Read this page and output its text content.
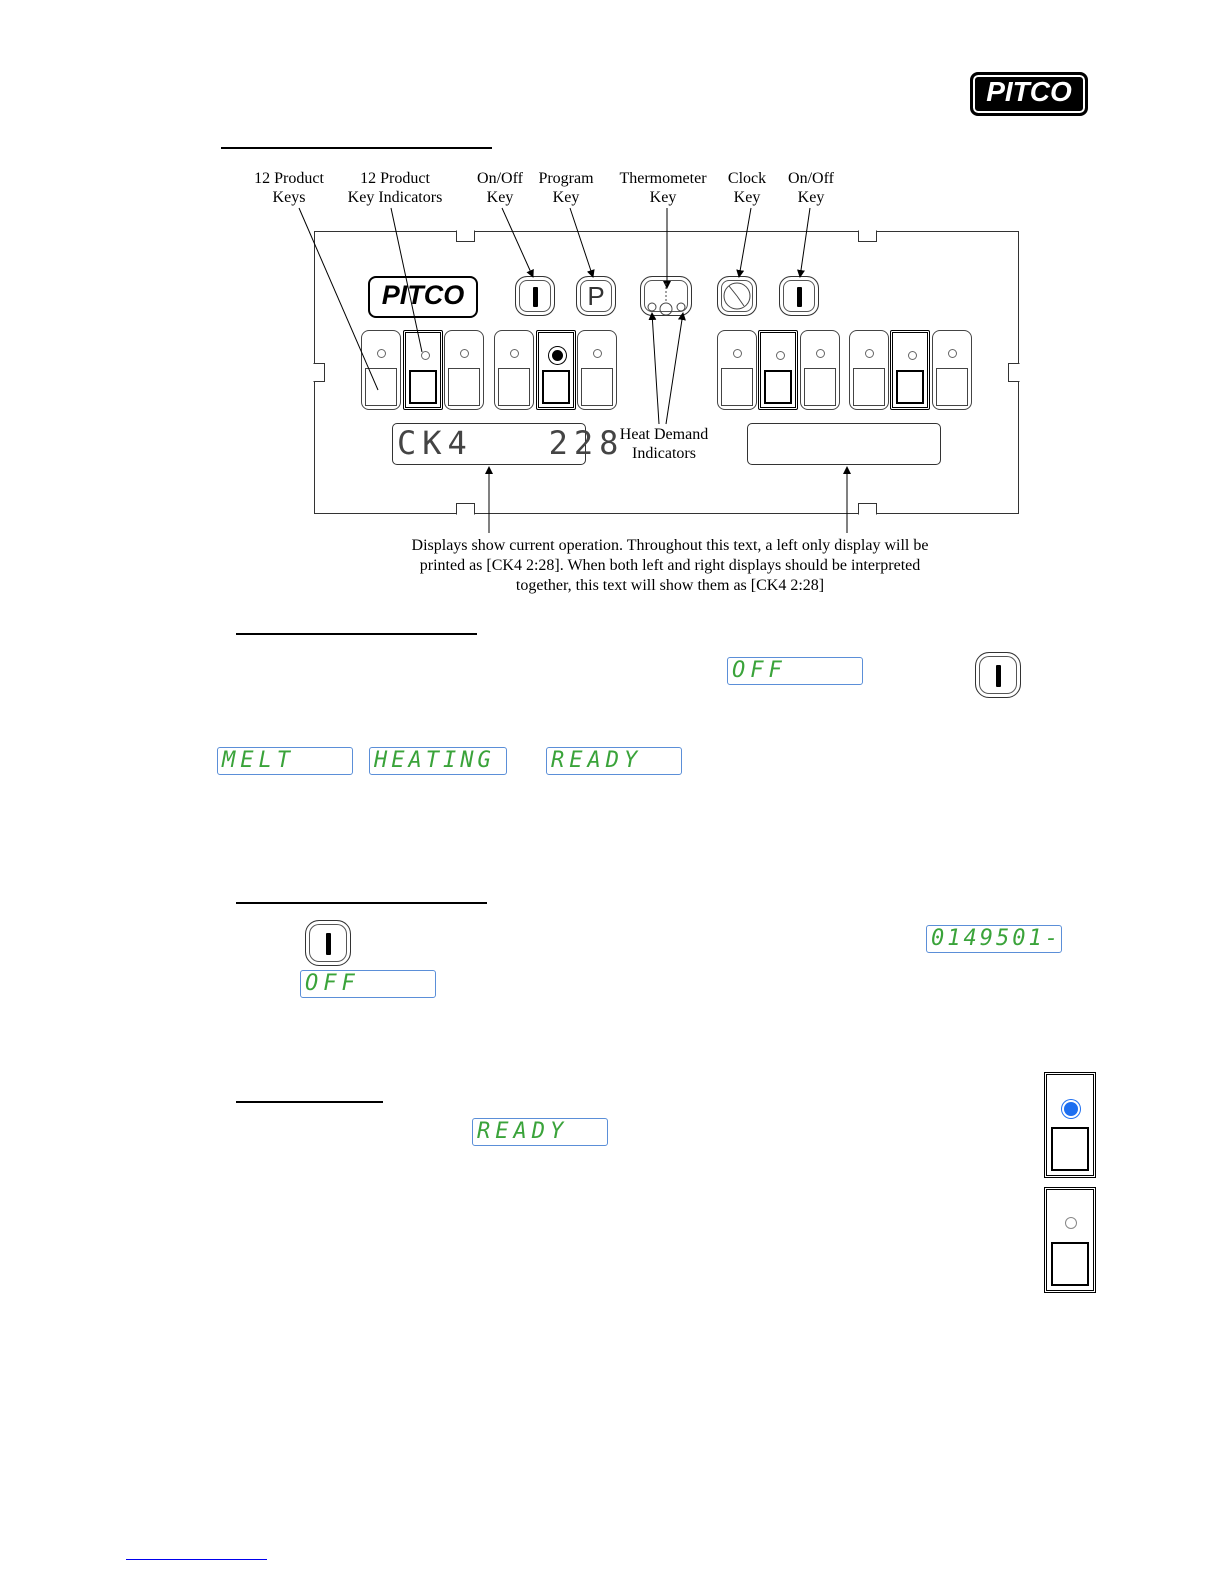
PITCO
®
12 Product
Keys
12 Product
Key Indicators
On/Off
Key
Program
Key
Thermometer
Key
Clock
Key
On/Off
Key
PITCO	P
CK4   228
Heat Demand
Indicators
Displays show current operation. Throughout this text, a left only display will be
printed as [CK4 2:28]. When both left and right displays should be interpreted
together, this text will show them as [CK4 2:28]
OFF
MELT	HEATING	READY
0149501-
OFF
READY
